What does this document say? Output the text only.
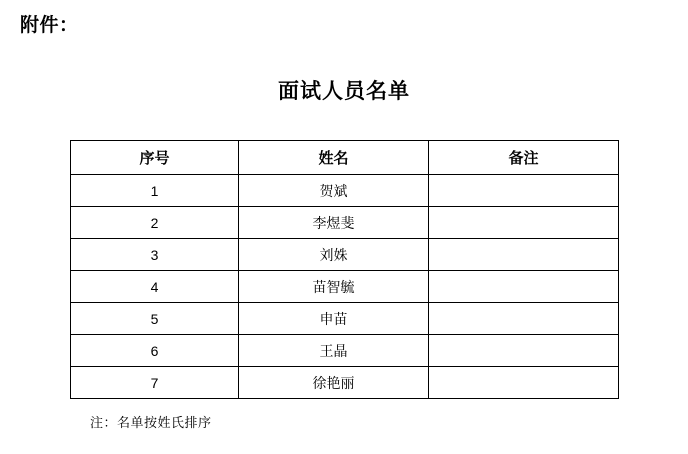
附件：
面试人员名单
序号	姓名	备注
1	贺斌	
2	李煜斐	
3	刘姝	
4	苗智毓	
5	申苗	
6	王晶	
7	徐艳丽	
注：名单按姓氏排序
